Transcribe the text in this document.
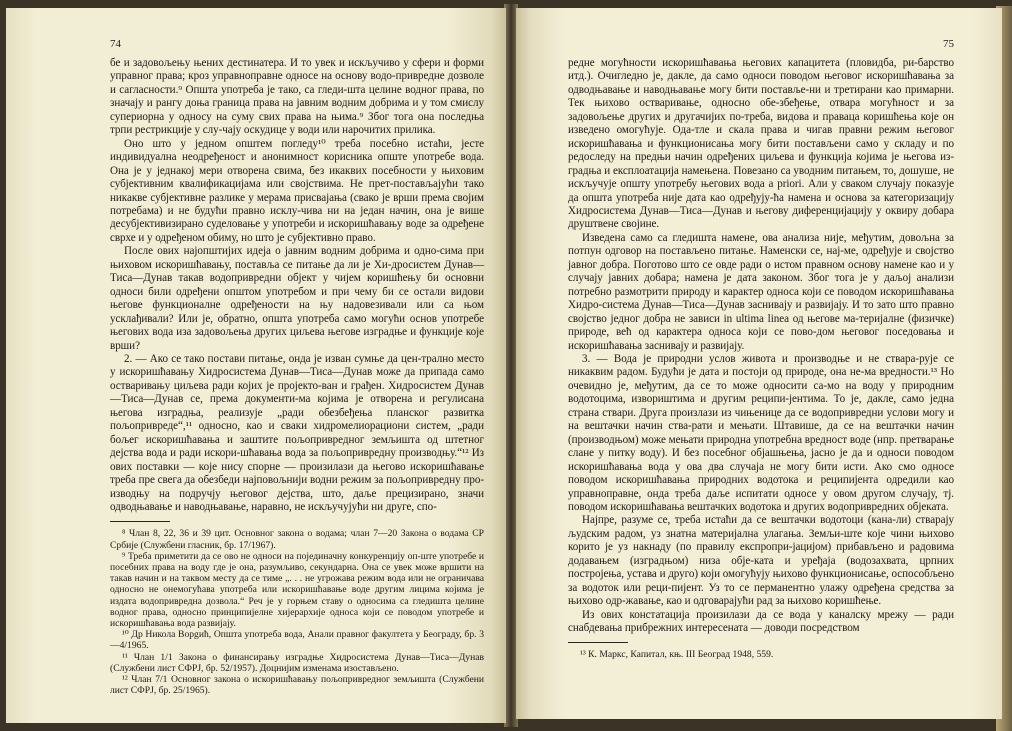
74

бе и задовољењу њених дестинатера. И то увек и искључиво у сфери и форми управног права; кроз управноправне односе на основу водо-привредне дозволе и сагласности.⁹ Општа употреба је тако, са гледи-шта целине водног права, по значају и рангу доња граница права на јавним водним добрима и у том смислу супериорна у односу на суму свих права на њима.⁹ Због тога она последња трпи рестрикције у слу-чају оскудице у води или нарочитих прилика.

Оно што у једном општем погледу¹⁰ треба посебно истаћи, јесте индивидуална неодређеност и анонимност корисника опште употребе вода. Она је у једнакој мери отворена свима, без икаквих посебности у њиховим субјективним квалификацијама или својствима. Не прет-постављајући тако никакве субјективне разлике у мерама присвајања (свако је врши према својим потребама) и не будући правно исклу-чива ни на један начин, она је више десубјективизирано суделовање у употреби и искоришћавању воде за одређене сврхе и у одређеном обиму, но што је субјективно право.

После ових најопштијих идеја о јавним водним добрима и одно-сима при њиховом искоришћавању, постављa се питање да ли је Хи-дросистем Дунав—Тиса—Дунав такав водопривредни објект у чијем коришћењу би основни односи били одређени општом употребом и при чему би се остали видови његове функционалне одређености на њу надовезивали или са њом усклађивали? Или је, обратно, општа употреба само могући основ употребе његових вода иза задовољења других циљева његове изградње и функције које врши?

2. — Ако се тако постави питање, онда је изван сумње да цен-трално место у искоришћавању Хидросистема Дунав—Тиса—Дунав може да припада само остваривању циљева ради којих је пројекто-ван и грађен. Хидросистем Дунав—Тиса—Дунав се, према документи-ма којима је отворена и регулисана његова изградња, реализује „ради обезбеђења планског развитка пољопривреде“,¹¹ односно, као и сваки хидромелиорациони систем, „ради бољег искоришћавања и заштите пољопривредног земљишта од штетног дејства вода и ради искори-шћавања вода за пољопривредну производњу.“¹² Из ових поставки — које нису спорне — произилази да његово искоришћавање треба пре свега да обезбеди најповољнији водни режим за пољопривредну про-изводњу на подручју његовог дејства, што, даље прецизирано, значи одводњавање и наводњавање, наравно, не искључујући ни друге, спо-

⁸ Члан 8, 22, 36 и 39 цит. Основног закона о водама; члан 7—20 Закона о водама СР Србије (Службени гласник, бр. 17/1967).

⁹ Треба приметити да се ово не односи на појединачну конкуренцију оп-ште употребе и посебних права на воду где је она, разумљиво, секундарна. Она се увек може вршити на такав начин и на таквом месту да се тиме „. . . не угрожава режим вода или не ограничава односно не онемогућава употреба или искоришћавање воде другим лицима којима је издата водопривредна дозвола.“ Реч је у горњем ставу о односима са гледишта целине водног права, односно принципијелне хијерархије односа који се поводом употребе и искоришћавања вода развијају.

¹⁰ Др Никола Ворgић, Општа употреба вода, Анали правног факултета у Београду, бр. 3—4/1965.

¹¹ Члан 1/1 Закона о финансирању изградње Хидросистема Дунав—Тиса—Дунав (Службени лист СФРЈ, бр. 52/1957). Доцнијим изменама изостављено.

¹² Члан 7/1 Основног закона о искоришћавању пољопривредног земљишта (Службени лист СФРЈ, бр. 25/1965).

75

редне могућности искоришћавања његових капацитета (пловидба, ри-барство итд.). Очигледно је, дакле, да само односи поводом његовог искоришћавања за одводњавање и наводњавање могу бити поставље-ни и третирани као примарни. Тек њиховo остваривање, односно обе-збеђење, отвара могућност и за задовољење других и другачијих по-треба, видова и праваца коришћења које он изведено омогућује. Ода-тле и скала права и чигав правни режим његовог искоришћавања и функционисања могу бити постављени само у складу и по редоследу на предњи начин одређених циљева и функција којима је његова из-градња и експлоатација намењена. Повезано са уводним питањем, то, дошуше, не искључује општу употребу његових вода a priori. Али у сваком случају показује да општа употреба није дата као одређују-ћа намена и основа за категоризацију Хидросистема Дунав—Тиса—Дунав и његову диференцијацију у оквиру добара друштвене својине.

Изведена само са гледишта намене, ова анализа није, међутим, довољна за потпун одговор на постављено питање. Наменски се, нај-ме, одређује и својство јавног добра. Поготово што се овде ради о истом правном основу намене као и у случају јавних добара; намена је дата законом. Због тога је у даљој анализи потребно размотрити природу и карактер односа који се поводом искоришћавања Хидро-система Дунав—Тиса—Дунав заснивају и развијају. И то зато што правно својство једног добра не зависи in ultima linea од његове ма-теријалне (физичке) природе, већ од карактера односа који се пово-дом његовог поседовања и искоришћавања заснивају и развијају.

3. — Вода је природни услов живота и производње и не ствара-рује се никаквим радом. Будући је дата и постоји од природе, она не-ма вредности.¹³ Но очевидно је, међутим, да се то може односити са-мо на воду у природним водотоцима, извориштима и другим реципи-јентима. То је, дакле, само једна страна ствари. Друга произлази из чињенице да се водопривредни услови могу и на вештачки начин ства-рати и мењати. Штавише, да се на вештачки начин (производњом) може мењати природна употребна вредност воде (нпр. претварање слане у питку воду). И без посебног објашњења, јасно је да и односи поводом искоришћавања вода у ова два случаја не могу бити исти. Ако смо односе поводом искоришћавања природних водотока и реципијента одредили као управноправне, онда треба даље испитати односе у овом другом случају, тј. поводом искоришћавања вештачких водотока и других водопривредних објеката.

Најпре, разуме се, треба истаћи да се вештачки водотоци (кана-ли) стварају људским радом, уз знатна материјална улагања. Земљи-ште које чини њихово корито је уз накнаду (по правилу експропри-јацијом) прибављено и радовима додавањем (изградњом) низа објe-ката и уређаја (водозахвата, црпних постројења, устава и друго) који омогућују њихово функционисање, оспособљено за водоток или реци-пијент. Уз то се перманентно улажу одређена средства за њихово одр-жавање, као и одговарајући рад за њихово коришћење.

Из ових констатација произилази да се вода у каналску мрежу — ради снабдевања прибрежних интересената — доводи посредством

¹³ К. Маркс, Капитал, књ. III Београд 1948, 559.
